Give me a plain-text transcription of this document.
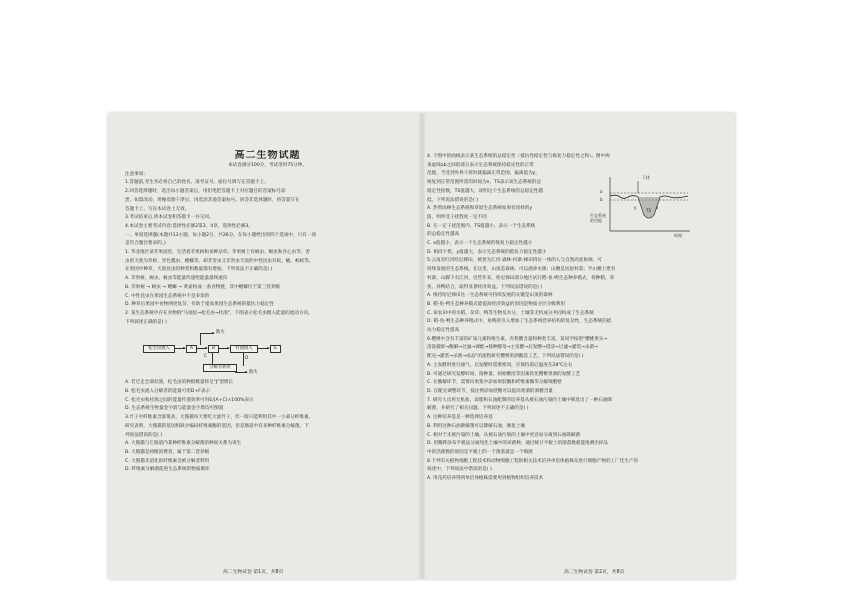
高二生物试题

本试卷满分100分，考试用时75分钟。

注意事项:

1.答题前,考生务必将自己的姓名、准考证号、座位号填写在答题卡上。

2.回答选择题时，选出每小题答案后，用铅笔把答题卡上对应题目的答案标号涂

黑，如需改动，用橡皮擦干净后，再选涂其他答案标号。回答非选择题时，将答案写在

答题卡上，写在本试卷上无效。

3.考试结束后,将本试卷和答题卡一并交回。

4.本试卷主要考试内容:选择性必修2第3、4章，选择性必修3。

一、单项选择题(本题共13小题，每小题2分，共26分。在每小题给出的四个选项中，只有一项

是符合题目要求的。)

1. 华北地区某苹果园里，生活着苹果树和多种杂草。苹果树上有蚜虫、螟虫和食心虫等；害

虫的天敌为草蛉、异色瓢虫、螳螂等，却非害虫又非害虫天敌的中性昆虫有蚁、蝇、蚂蚁等。

在果园中种草，天敌昆虫的种类和数量都有增加。下列说法不正确的是( )

A. 苹果树、蚜虫、蚜虫等能量传递给能量最终流向

B. 苹果树 → 蚜虫 → 螳螂 → 黄雀构成一条食物链，其中螳螂位于第三营养级

C. 中性昆虫在果园生态系统中不是多余的

D. 种草后果园中食物网更复杂，有助于提高果园生态系统的抵抗力稳定性

2. 某生态系统中存在食物链"马尾松→松毛虫→杜鹃"，下图表示松毛虫摄入能量的流动方向。

下列叙述正确的是( )

松毛虫摄入	A	B	杜鹃摄入	E
散失
C
分解者利用
D
散失

A. 若迁走全部杜鹃，松毛虫的种群数量将呈"J"型增长

B. 松毛虫流入分解者的能量可用D+F表示

C. 松毛虫和杜鹃之间的能量传递效率可用E/(A+C)×100%表示

D. 生态系统生物量金字塔与能量金字塔均可倒置

3.竹子中纤维素含量很高，大熊猫每天要吃大量竹子，但一般只能利用其中一小部分纤维素。

研究表明，大熊猫的基因组缺少编码纤维素酶的基因，但是肠道中有多种纤维素分解菌。下

列说法错误的是( )

A. 大熊猫与它肠道内某种纤维素分解菌的种间关系为寄生

B. 大熊猫是初级消费者，属于第二营养级

C. 大熊猫未消化的纤维素会被分解者利用

D. 纤维素分解菌促进生态系统的物质循环

高二生物试卷 第1页，共8页

4. 下图中的曲线表示某生态系统的总稳定性（抵抗性稳定性与恢复力稳定性之和）。图中两

条虚线ab之间的部分表示生态系统保持稳定性的正常

范围，当受到外界干扰时就偏离正常范围，偏离值为y，

恢复到正常范围所需的时间为x，TS表示该生态系统的总

稳定性指数，TS值越大，说明这个生态系统的总稳定性越

低。下列说法错误的是( )

A. 热带雨林生态系统和草原生态系统如果有同样的y

值，则所受干扰程度一定不同

B. 在一定干扰范围内，TS值越小，表示一个生态系统

的总稳定性越高

C. x值越小，表示一个生态系统的恢复力稳定性越小

D. 相同干扰，y值越大，表示生态系统的抵抗力稳定性越小

5.云南省红河哈尼梯田，被誉为江河-森林-村寨-梯田四位一体的人与自然高度协调、可

持续发展的生态系统。在这里，山顶是森林，可以涵养水源；山腰是居屋村落；半山腰上建有

村寨，山脚下有江河，近些年来，哈尼梯田部分地区试行稻-鱼-鸭生态种养模式，将种稻、养

鱼、养鸭结合，取得显著经济效益。下列说法错误的是( )

A. 维持哈尼梯田这一生态系统可持续发展的关键是山顶的森林

B. 稻-鱼-鸭生态种养模式能提高经济效益的原因是物质分层分级利用

C. 该农田中的水稻、杂草、鸭等生物及水分、土壤等无机成分共同构成了生态系统

D. 稻-鱼-鸭生态种养模式中，鱼鸭的引入增加了生态系统营养结构的复杂性，生态系统的抵

抗力稳定性提高

6.樱桃中含有丰富的矿质元素和维生素，有机酸含量和种类丰富。某同学按照"樱桃果实→

清洗破碎→酶解→过滤→调配→接种酵母→主发酵→后发酵→澄清→过滤→灌装→杀菌→

配兑→灌装→杀菌→成品"的流程研究樱桃果酒酿造工艺。下列说法错误的是( )

A. 主发酵时进行通气，后发酵时需要密闭，应保持前后温度在28℃左右

B. 可通过研究发酵时间、接种量、初始糖度等因素优化樱桃果酒的发酵工艺

C. 在酶解环节，需要向果浆中添加果胶酶和纤维素酶等分解细胞壁

D. 在配兑调整环节，按比例添加蔗糖可以提高果酒的酒精含量

7. 研究人员用无机盐、琼脂和石油配制的培养基从被石油污染的土壤中筛选出了一种石油降

解菌，并研究了相关问题。下列叙述不正确的是( )

A. 这种培养基是一种选择培养基

B. 利用这种石油降解菌可以降解石油，修复土壤

C. 相对于未被污染的土壤，从被石油污染的土壤中更容易分离到石油降解菌

D. 用稀释涂布平板法分离纯化土壤中的该菌种，通过统计平板上的菌落数就能推测出样品

中的活菌数的原因是平板上的一个菌落就是一个细菌

8.下列有关植物细胞工程技术和动物细胞工程的相关技术培养单倍体植株及进行细胞产物的工厂化生产的

叙述中，下列说法中错误的是( )

A. 用花药培养得到单倍体植株需要用到植物组织培养技术

干扰
a
b
y	x
TS
生态系统的功能
时间
高二生物试卷 第2页，共8页
